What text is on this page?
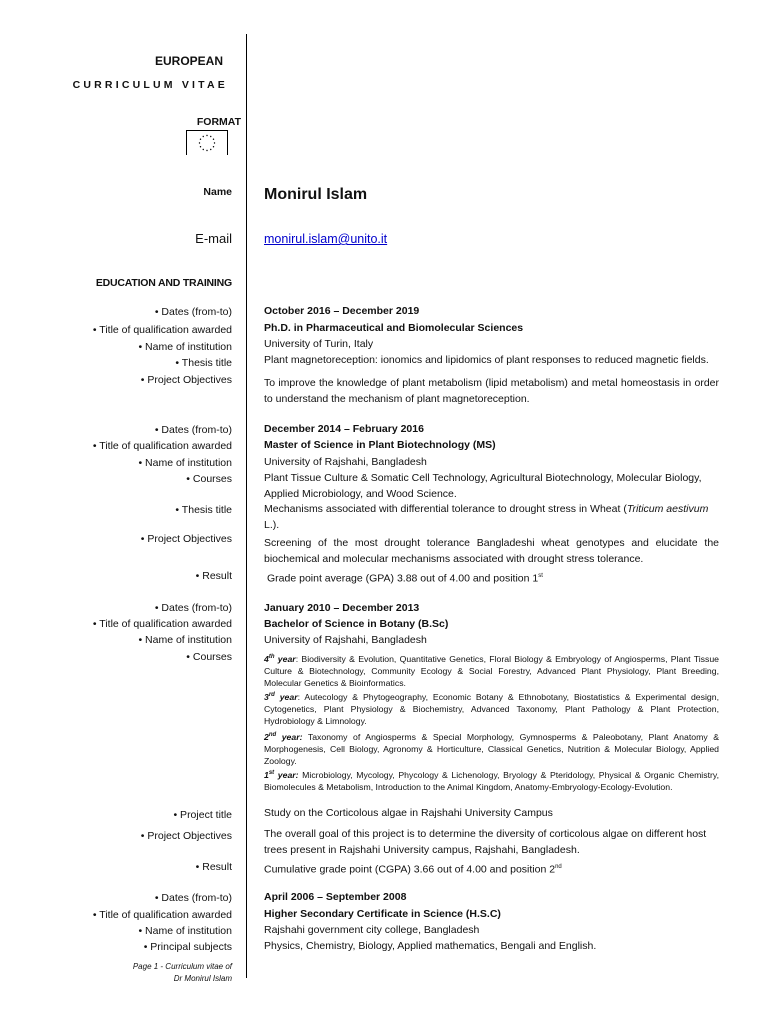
EUROPEAN
CURRICULUM VITAE
FORMAT
Name Monirul Islam
E-mail	monirul.islam@unito.it
EDUCATION AND TRAINING
• Dates (from-to)	October 2016 – December 2019
• Title of qualification awarded	Ph.D. in Pharmaceutical and Biomolecular Sciences
• Name of institution	University of Turin, Italy
• Thesis title	Plant magnetoreception: ionomics and lipidomics of plant responses to reduced magnetic fields.
• Project Objectives	To improve the knowledge of plant metabolism (lipid metabolism) and metal homeostasis in order to understand the mechanism of plant magnetoreception.
• Dates (from-to)	December 2014 – February 2016
• Title of qualification awarded	Master of Science in Plant Biotechnology (MS)
• Name of institution	University of Rajshahi, Bangladesh
• Courses	Plant Tissue Culture & Somatic Cell Technology, Agricultural Biotechnology, Molecular Biology, Applied Microbiology, and Wood Science.
• Thesis title	Mechanisms associated with differential tolerance to drought stress in Wheat (Triticum aestivum L.).
• Project Objectives	Screening of the most drought tolerance Bangladeshi wheat genotypes and elucidate the biochemical and molecular mechanisms associated with drought stress tolerance.
• Result	Grade point average (GPA) 3.88 out of 4.00 and position 1st
• Dates (from-to)	January 2010 – December 2013
• Title of qualification awarded	Bachelor of Science in Botany (B.Sc)
• Name of institution	University of Rajshahi, Bangladesh
• Courses	4th year: Biodiversity & Evolution, Quantitative Genetics, Floral Biology & Embryology of Angiosperms, Plant Tissue Culture & Biotechnology, Community Ecology & Social Forestry, Advanced Plant Physiology, Plant Breeding, Molecular Genetics & Bioinformatics.
3rd year: Autecology & Phytogeography, Economic Botany & Ethnobotany, Biostatistics & Experimental design, Cytogenetics, Plant Physiology & Biochemistry, Advanced Taxonomy, Plant Pathology & Plant Protection, Hydrobiology & Limnology.
2nd year: Taxonomy of Angiosperms & Special Morphology, Gymnosperms & Paleobotany, Plant Anatomy & Morphogenesis, Cell Biology, Agronomy & Horticulture, Classical Genetics, Nutrition & Molecular Biology, Applied Zoology.
1st year: Microbiology, Mycology, Phycology & Lichenology, Bryology & Pteridology, Physical & Organic Chemistry, Biomolecules & Metabolism, Introduction to the Animal Kingdom, Anatomy-Embryology-Ecology-Evolution.
• Project title	Study on the Corticolous algae in Rajshahi University Campus
• Project Objectives	The overall goal of this project is to determine the diversity of corticolous algae on different host trees present in Rajshahi University campus, Rajshahi, Bangladesh.
• Result	Cumulative grade point (CGPA) 3.66 out of 4.00 and position 2nd
• Dates (from-to)	April 2006 – September 2008
• Title of qualification awarded	Higher Secondary Certificate in Science (H.S.C)
• Name of institution	Rajshahi government city college, Bangladesh
• Principal subjects	Physics, Chemistry, Biology, Applied mathematics, Bengali and English.
Page 1 - Curriculum vitae of
Dr Monirul Islam
